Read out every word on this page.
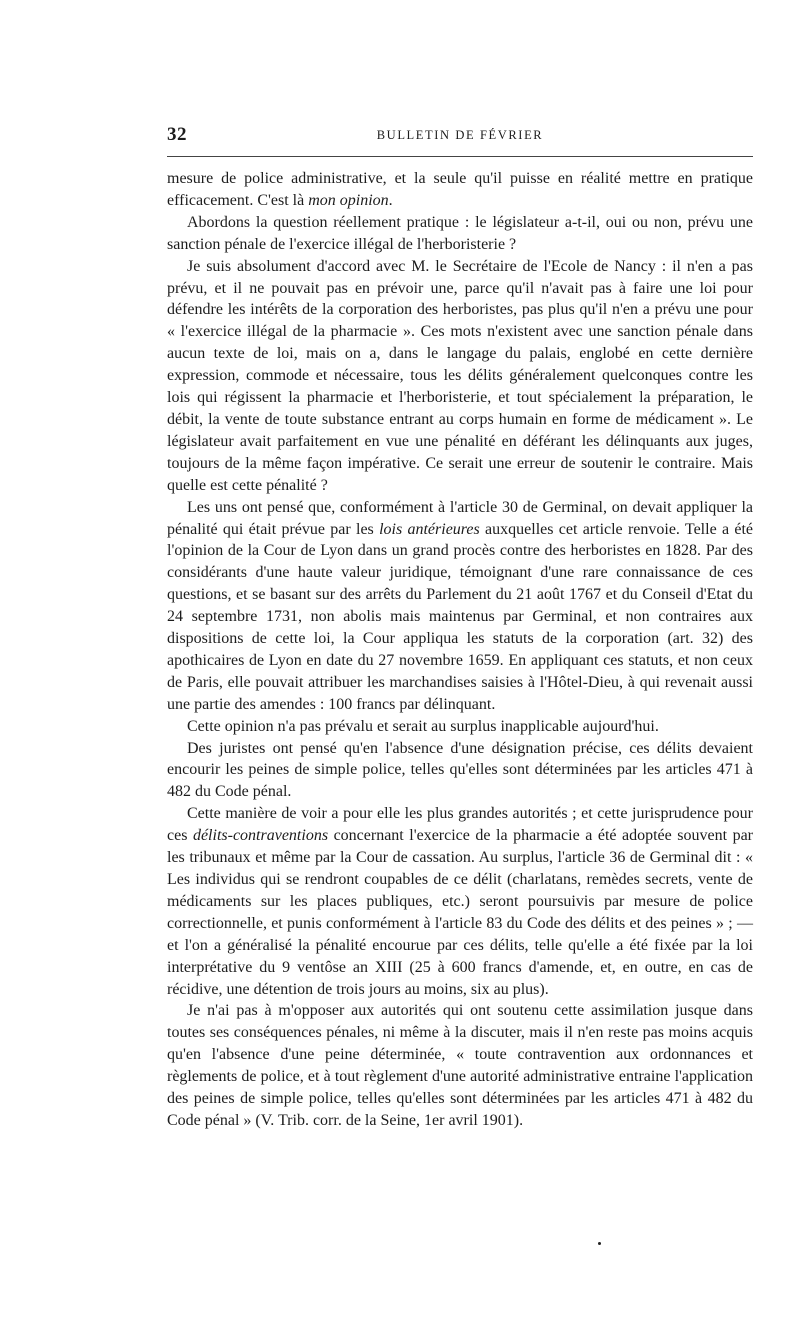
32	BULLETIN DE FÉVRIER

mesure de police administrative, et la seule qu'il puisse en réalité mettre en pratique efficacement. C'est là mon opinion.

Abordons la question réellement pratique : le législateur a-t-il, oui ou non, prévu une sanction pénale de l'exercice illégal de l'herboristerie ?

Je suis absolument d'accord avec M. le Secrétaire de l'Ecole de Nancy : il n'en a pas prévu, et il ne pouvait pas en prévoir une, parce qu'il n'avait pas à faire une loi pour défendre les intérêts de la corporation des herboristes, pas plus qu'il n'en a prévu une pour « l'exercice illégal de la pharmacie ». Ces mots n'existent avec une sanction pénale dans aucun texte de loi, mais on a, dans le langage du palais, englobé en cette dernière expression, commode et nécessaire, tous les délits généralement quelconques contre les lois qui régissent la pharmacie et l'herboristerie, et tout spécialement la préparation, le débit, la vente de toute substance entrant au corps humain en forme de médicament ». Le législateur avait parfaitement en vue une pénalité en déférant les délinquants aux juges, toujours de la même façon impérative. Ce serait une erreur de soutenir le contraire. Mais quelle est cette pénalité ?

Les uns ont pensé que, conformément à l'article 30 de Germinal, on devait appliquer la pénalité qui était prévue par les lois antérieures auxquelles cet article renvoie. Telle a été l'opinion de la Cour de Lyon dans un grand procès contre des herboristes en 1828. Par des considérants d'une haute valeur juridique, témoignant d'une rare connaissance de ces questions, et se basant sur des arrêts du Parlement du 21 août 1767 et du Conseil d'Etat du 24 septembre 1731, non abolis mais maintenus par Germinal, et non contraires aux dispositions de cette loi, la Cour appliqua les statuts de la corporation (art. 32) des apothicaires de Lyon en date du 27 novembre 1659. En appliquant ces statuts, et non ceux de Paris, elle pouvait attribuer les marchandises saisies à l'Hôtel-Dieu, à qui revenait aussi une partie des amendes : 100 francs par délinquant.

Cette opinion n'a pas prévalu et serait au surplus inapplicable aujourd'hui.

Des juristes ont pensé qu'en l'absence d'une désignation précise, ces délits devaient encourir les peines de simple police, telles qu'elles sont déterminées par les articles 471 à 482 du Code pénal.

Cette manière de voir a pour elle les plus grandes autorités ; et cette jurisprudence pour ces délits-contraventions concernant l'exercice de la pharmacie a été adoptée souvent par les tribunaux et même par la Cour de cassation. Au surplus, l'article 36 de Germinal dit : « Les individus qui se rendront coupables de ce délit (charlatans, remèdes secrets, vente de médicaments sur les places publiques, etc.) seront poursuivis par mesure de police correctionnelle, et punis conformément à l'article 83 du Code des délits et des peines » ; — et l'on a généralisé la pénalité encourue par ces délits, telle qu'elle a été fixée par la loi interprétative du 9 ventôse an XIII (25 à 600 francs d'amende, et, en outre, en cas de récidive, une détention de trois jours au moins, six au plus).

Je n'ai pas à m'opposer aux autorités qui ont soutenu cette assimilation jusque dans toutes ses conséquences pénales, ni même à la discuter, mais il n'en reste pas moins acquis qu'en l'absence d'une peine déterminée, « toute contravention aux ordonnances et règlements de police, et à tout règlement d'une autorité administrative entraine l'application des peines de simple police, telles qu'elles sont déterminées par les articles 471 à 482 du Code pénal » (V. Trib. corr. de la Seine, 1er avril 1901).
